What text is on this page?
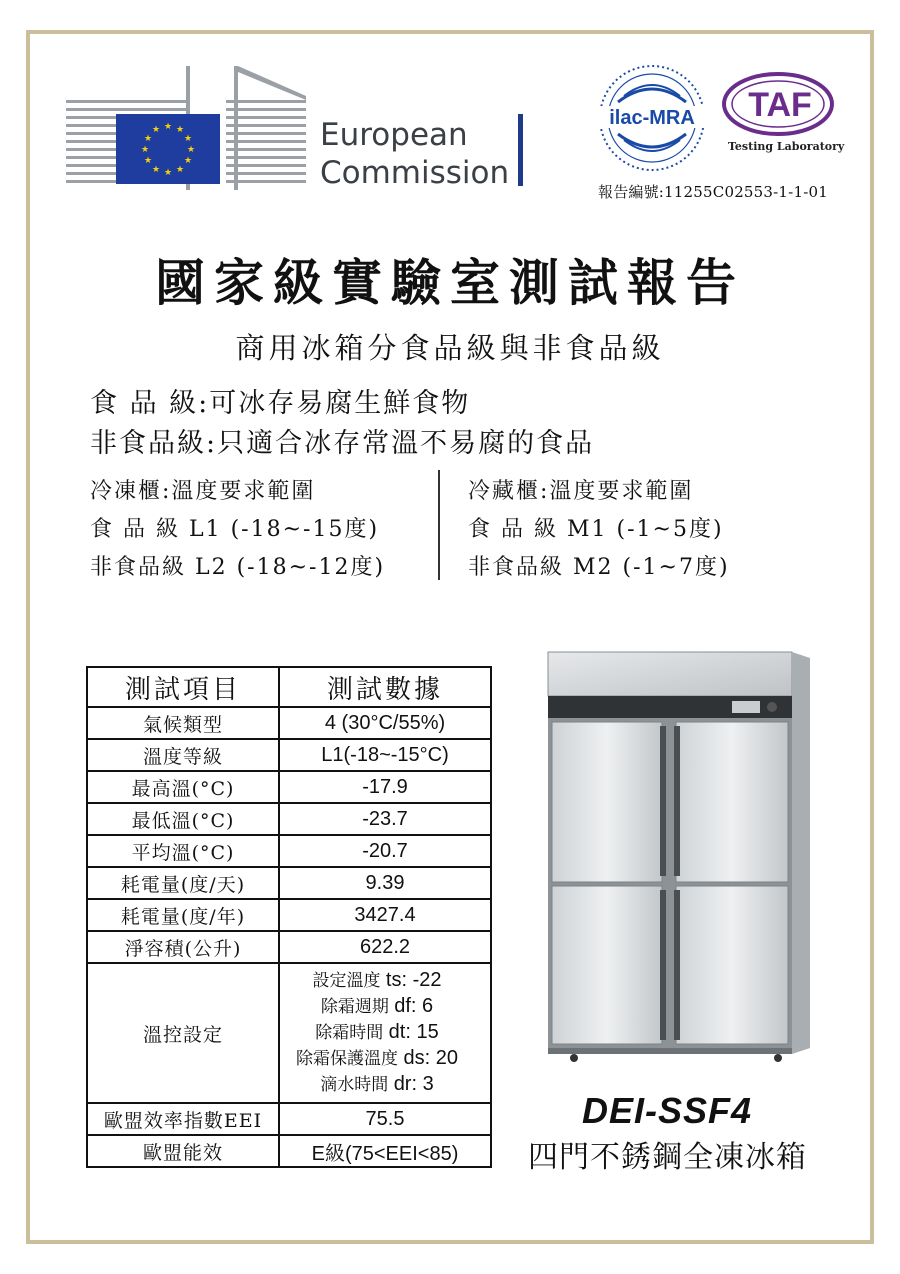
★ ★
★
★
★
★
★
★
★
★
★
★	European
Commission
ilac-MRA TAF
Testing Laboratory
報告編號:11255C02553-1-1-01
國家級實驗室測試報告
商用冰箱分食品級與非食品級
食 品 級:可冰存易腐生鮮食物
非食品級:只適合冰存常溫不易腐的食品
冷凍櫃:溫度要求範圍
食 品 級 L1 (-18~-15度)
非食品級 L2 (-18~-12度)
冷藏櫃:溫度要求範圍
食 品 級 M1 (-1~5度)
非食品級 M2 (-1~7度)
測試項目	測試數據
氣候類型	4 (30°C/55%)
溫度等級	L1(-18~-15°C)
最高溫(°C)	-17.9
最低溫(°C)	-23.7
平均溫(°C)	-20.7
耗電量(度/天)	9.39
耗電量(度/年)	3427.4
淨容積(公升)	622.2
溫控設定	設定溫度 ts: -22
除霜週期 df: 6
除霜時間 dt: 15
除霜保護溫度 ds: 20
滴水時間 dr: 3

歐盟效率指數EEI	75.5
歐盟能效	E級(75<EEI<85)
DEI-SSF4
四門不銹鋼全凍冰箱
